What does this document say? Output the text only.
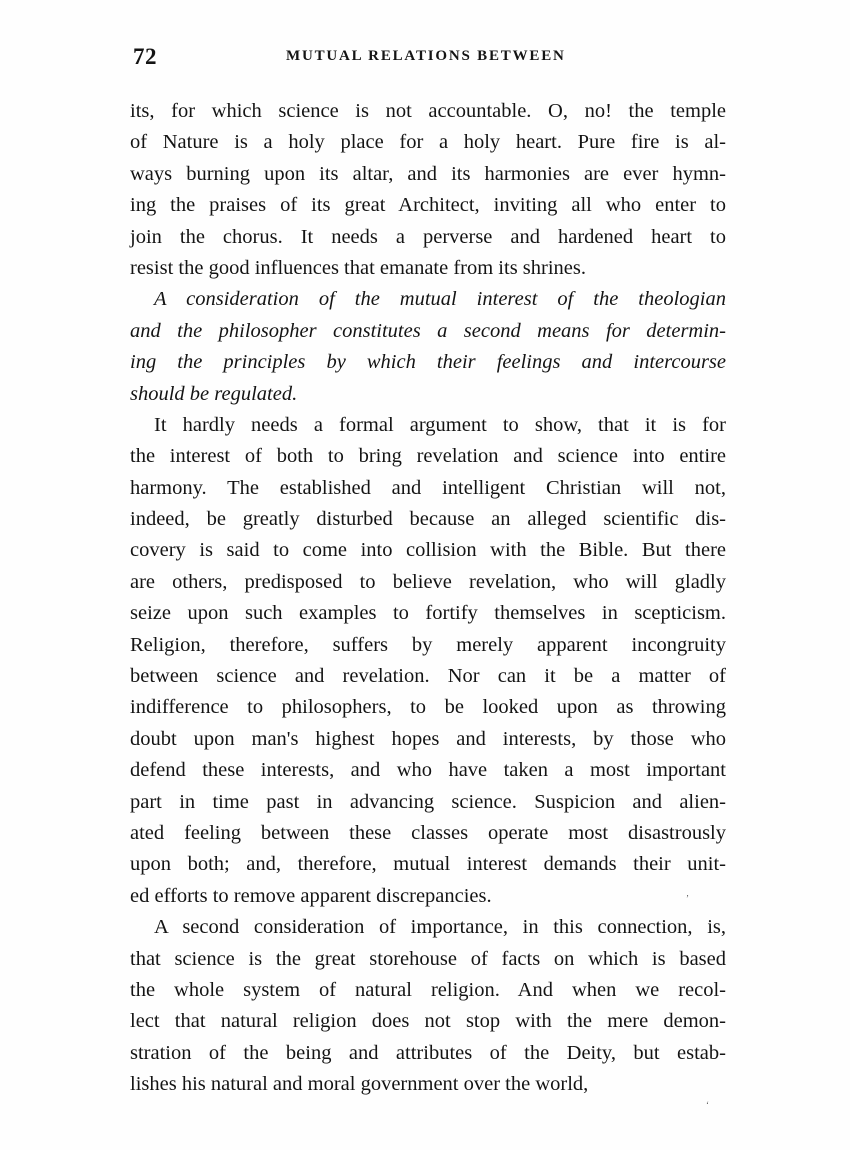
72	MUTUAL RELATIONS BETWEEN
its, for which science is not accountable. O, no! the temple
of Nature is a holy place for a holy heart. Pure fire is al-
ways burning upon its altar, and its harmonies are ever hymn-
ing the praises of its great Architect, inviting all who enter to
join the chorus. It needs a perverse and hardened heart to
resist the good influences that emanate from its shrines.
A consideration of the mutual interest of the theologian
and the philosopher constitutes a second means for determin-
ing the principles by which their feelings and intercourse
should be regulated.
It hardly needs a formal argument to show, that it is for
the interest of both to bring revelation and science into entire
harmony. The established and intelligent Christian will not,
indeed, be greatly disturbed because an alleged scientific dis-
covery is said to come into collision with the Bible. But there
are others, predisposed to believe revelation, who will gladly
seize upon such examples to fortify themselves in scepticism.
Religion, therefore, suffers by merely apparent incongruity
between science and revelation. Nor can it be a matter of
indifference to philosophers, to be looked upon as throwing
doubt upon man's highest hopes and interests, by those who
defend these interests, and who have taken a most important
part in time past in advancing science. Suspicion and alien-
ated feeling between these classes operate most disastrously
upon both; and, therefore, mutual interest demands their unit-
ed efforts to remove apparent discrepancies.
A second consideration of importance, in this connection, is,
that science is the great storehouse of facts on which is based
the whole system of natural religion. And when we recol-
lect that natural religion does not stop with the mere demon-
stration of the being and attributes of the Deity, but estab-
lishes his natural and moral government over the world,
‚
‘
